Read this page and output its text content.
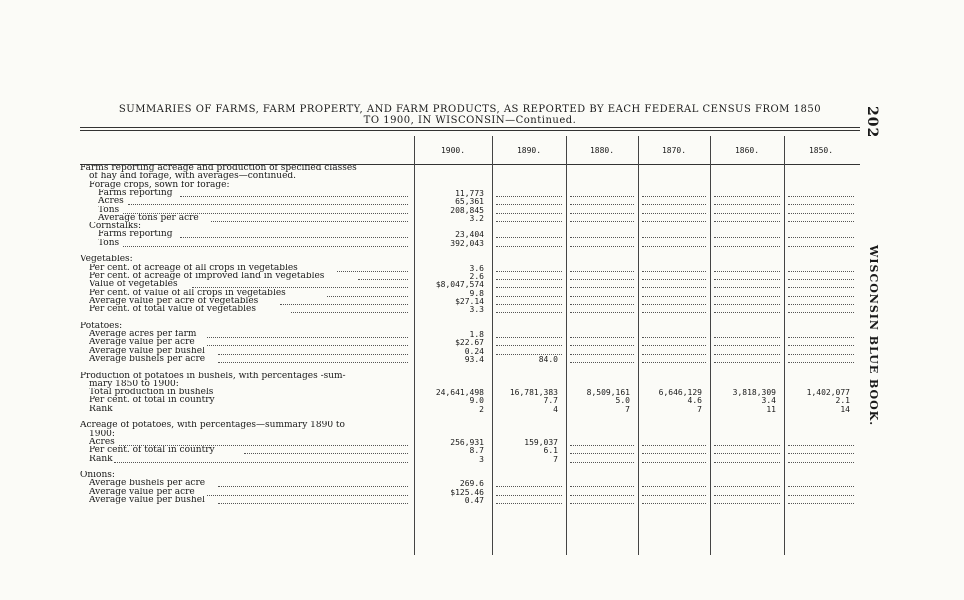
SUMMARIES OF FARMS, FARM PROPERTY, AND FARM PRODUCTS, AS REPORTED BY EACH FEDERAL CENSUS FROM 1850
TO 1900, IN WISCONSIN—Continued.	202
WISCONSIN BLUE BOOK.
1900.	1890.	1880.	1870.	1860.	1850.
Farms reporting acreage and production of specified classes
of hay and forage, with averages—continued.
Forage crops, sown for forage:
Farms reporting	11,773
Acres	65,361
Tons	208,845
Average tons per acre	3.2
Cornstalks:
Farms reporting	23,404
Tons	392,043
Vegetables:
Per cent. of acreage of all crops in vegetables	3.6
Per cent. of acreage of improved land in vegetables	2.6
Value of vegetables	$8,047,574
Per cent. of value of all crops in vegetables	9.8
Average value per acre of vegetables	$27.14
Per cent. of total value of vegetables	3.3
Potatoes:
Average acres per farm	1.8
Average value per acre	$22.67
Average value per bushel	0.24
Average bushels per acre	93.4	84.0
Production of potatoes in bushels, with percentages -sum-
mary 1850 to 1900:
Total production in bushels	24,641,498	16,781,383	8,509,161	6,646,129	3,818,309	1,402,077
Per cent. of total in country	9.0	7.7	5.0	4.6	3.4	2.1
Rank	2	4	7	7	11	14
Acreage of potatoes, with percentages—summary 1890 to
1900:
Acres	256,931	159,037
Per cent. of total in country	8.7	6.1
Rank	3	7
Onions:
Average bushels per acre	269.6
Average value per acre	$125.46
Average value per bushel	0.47
